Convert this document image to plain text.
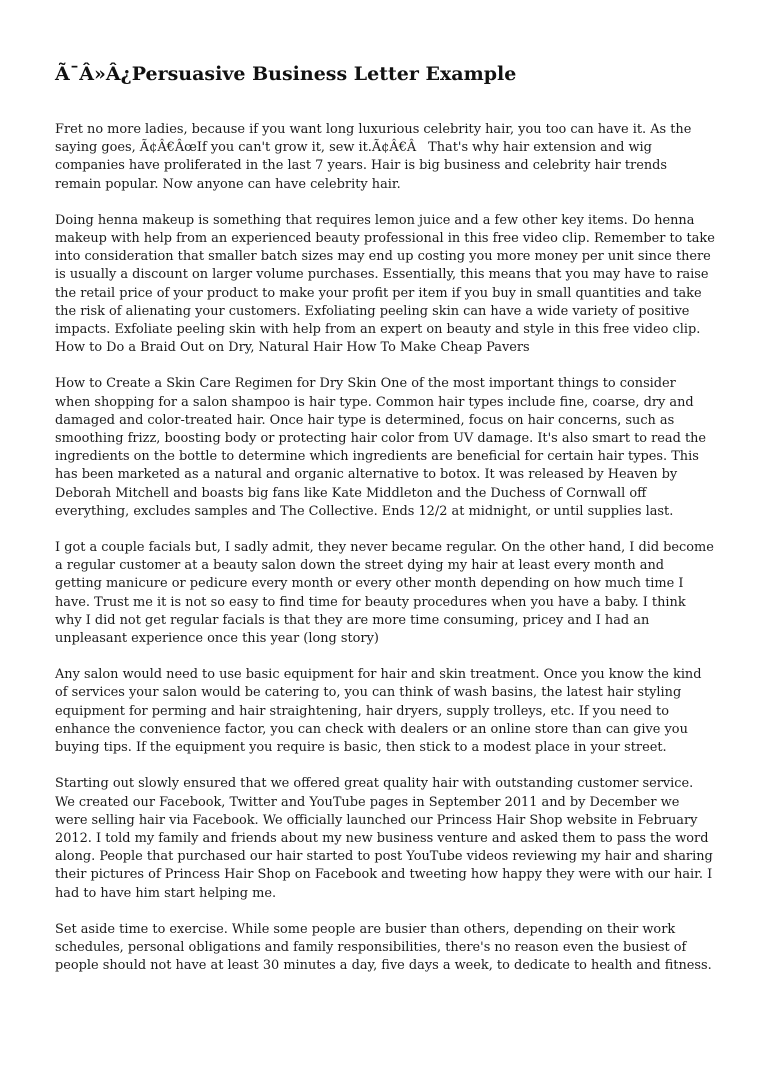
Ã¯Â»Â¿Persuasive Business Letter Example

Fret no more ladies, because if you want long luxurious celebrity hair, you too can have it. As the saying goes, Ã¢Â€ÂœIf you can't grow it, sew it.Ã¢Â€Â That's why hair extension and wig companies have proliferated in the last 7 years. Hair is big business and celebrity hair trends remain popular. Now anyone can have celebrity hair.

Doing henna makeup is something that requires lemon juice and a few other key items. Do henna makeup with help from an experienced beauty professional in this free video clip. Remember to take into consideration that smaller batch sizes may end up costing you more money per unit since there is usually a discount on larger volume purchases. Essentially, this means that you may have to raise the retail price of your product to make your profit per item if you buy in small quantities and take the risk of alienating your customers. Exfoliating peeling skin can have a wide variety of positive impacts. Exfoliate peeling skin with help from an expert on beauty and style in this free video clip. How to Do a Braid Out on Dry, Natural Hair How To Make Cheap Pavers

How to Create a Skin Care Regimen for Dry Skin One of the most important things to consider when shopping for a salon shampoo is hair type. Common hair types include fine, coarse, dry and damaged and color-treated hair. Once hair type is determined, focus on hair concerns, such as smoothing frizz, boosting body or protecting hair color from UV damage. It's also smart to read the ingredients on the bottle to determine which ingredients are beneficial for certain hair types. This has been marketed as a natural and organic alternative to botox. It was released by Heaven by Deborah Mitchell and boasts big fans like Kate Middleton and the Duchess of Cornwall off everything, excludes samples and The Collective. Ends 12/2 at midnight, or until supplies last.

I got a couple facials but, I sadly admit, they never became regular. On the other hand, I did become a regular customer at a beauty salon down the street dying my hair at least every month and getting manicure or pedicure every month or every other month depending on how much time I have. Trust me it is not so easy to find time for beauty procedures when you have a baby. I think why I did not get regular facials is that they are more time consuming, pricey and I had an unpleasant experience once this year (long story)

Any salon would need to use basic equipment for hair and skin treatment. Once you know the kind of services your salon would be catering to, you can think of wash basins, the latest hair styling equipment for perming and hair straightening, hair dryers, supply trolleys, etc. If you need to enhance the convenience factor, you can check with dealers or an online store than can give you buying tips. If the equipment you require is basic, then stick to a modest place in your street.

Starting out slowly ensured that we offered great quality hair with outstanding customer service. We created our Facebook, Twitter and YouTube pages in September 2011 and by December we were selling hair via Facebook. We officially launched our Princess Hair Shop website in February 2012. I told my family and friends about my new business venture and asked them to pass the word along. People that purchased our hair started to post YouTube videos reviewing my hair and sharing their pictures of Princess Hair Shop on Facebook and tweeting how happy they were with our hair. I had to have him start helping me.

Set aside time to exercise. While some people are busier than others, depending on their work schedules, personal obligations and family responsibilities, there's no reason even the busiest of people should not have at least 30 minutes a day, five days a week, to dedicate to health and fitness.
